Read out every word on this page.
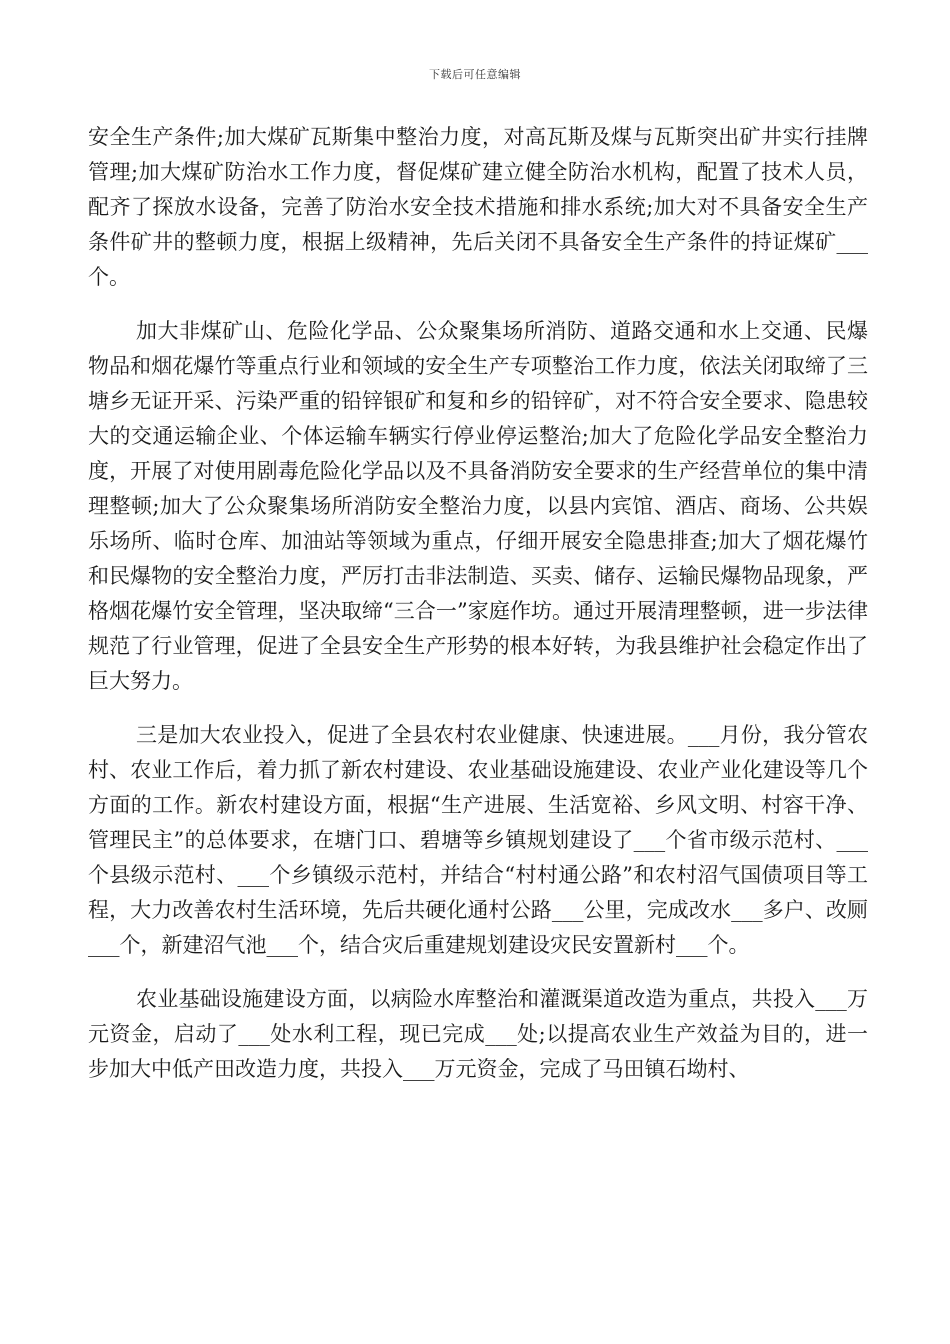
下载后可任意编辑

安全生产条件;加大煤矿瓦斯集中整治力度，对高瓦斯及煤与瓦斯突出矿井实行挂牌管理;加大煤矿防治水工作力度，督促煤矿建立健全防治水机构，配置了技术人员，配齐了探放水设备，完善了防治水安全技术措施和排水系统;加大对不具备安全生产条件矿井的整顿力度，根据上级精神，先后关闭不具备安全生产条件的持证煤矿___个。

加大非煤矿山、危险化学品、公众聚集场所消防、道路交通和水上交通、民爆物品和烟花爆竹等重点行业和领域的安全生产专项整治工作力度，依法关闭取缔了三塘乡无证开采、污染严重的铅锌银矿和复和乡的铅锌矿，对不符合安全要求、隐患较大的交通运输企业、个体运输车辆实行停业停运整治;加大了危险化学品安全整治力度，开展了对使用剧毒危险化学品以及不具备消防安全要求的生产经营单位的集中清理整顿;加大了公众聚集场所消防安全整治力度，以县内宾馆、酒店、商场、公共娱乐场所、临时仓库、加油站等领域为重点，仔细开展安全隐患排查;加大了烟花爆竹和民爆物的安全整治力度，严厉打击非法制造、买卖、储存、运输民爆物品现象，严格烟花爆竹安全管理，坚决取缔“三合一”家庭作坊。通过开展清理整顿，进一步法律规范了行业管理，促进了全县安全生产形势的根本好转，为我县维护社会稳定作出了巨大努力。

三是加大农业投入，促进了全县农村农业健康、快速进展。___月份，我分管农村、农业工作后，着力抓了新农村建设、农业基础设施建设、农业产业化建设等几个方面的工作。新农村建设方面，根据“生产进展、生活宽裕、乡风文明、村容干净、管理民主”的总体要求，在塘门口、碧塘等乡镇规划建设了___个省市级示范村、___个县级示范村、___个乡镇级示范村，并结合“村村通公路”和农村沼气国债项目等工程，大力改善农村生活环境，先后共硬化通村公路___公里，完成改水___多户、改厕___个，新建沼气池___个，结合灾后重建规划建设灾民安置新村___个。

农业基础设施建设方面，以病险水库整治和灌溉渠道改造为重点，共投入___万元资金，启动了___处水利工程，现已完成___处;以提高农业生产效益为目的，进一步加大中低产田改造力度，共投入___万元资金，完成了马田镇石坳村、
